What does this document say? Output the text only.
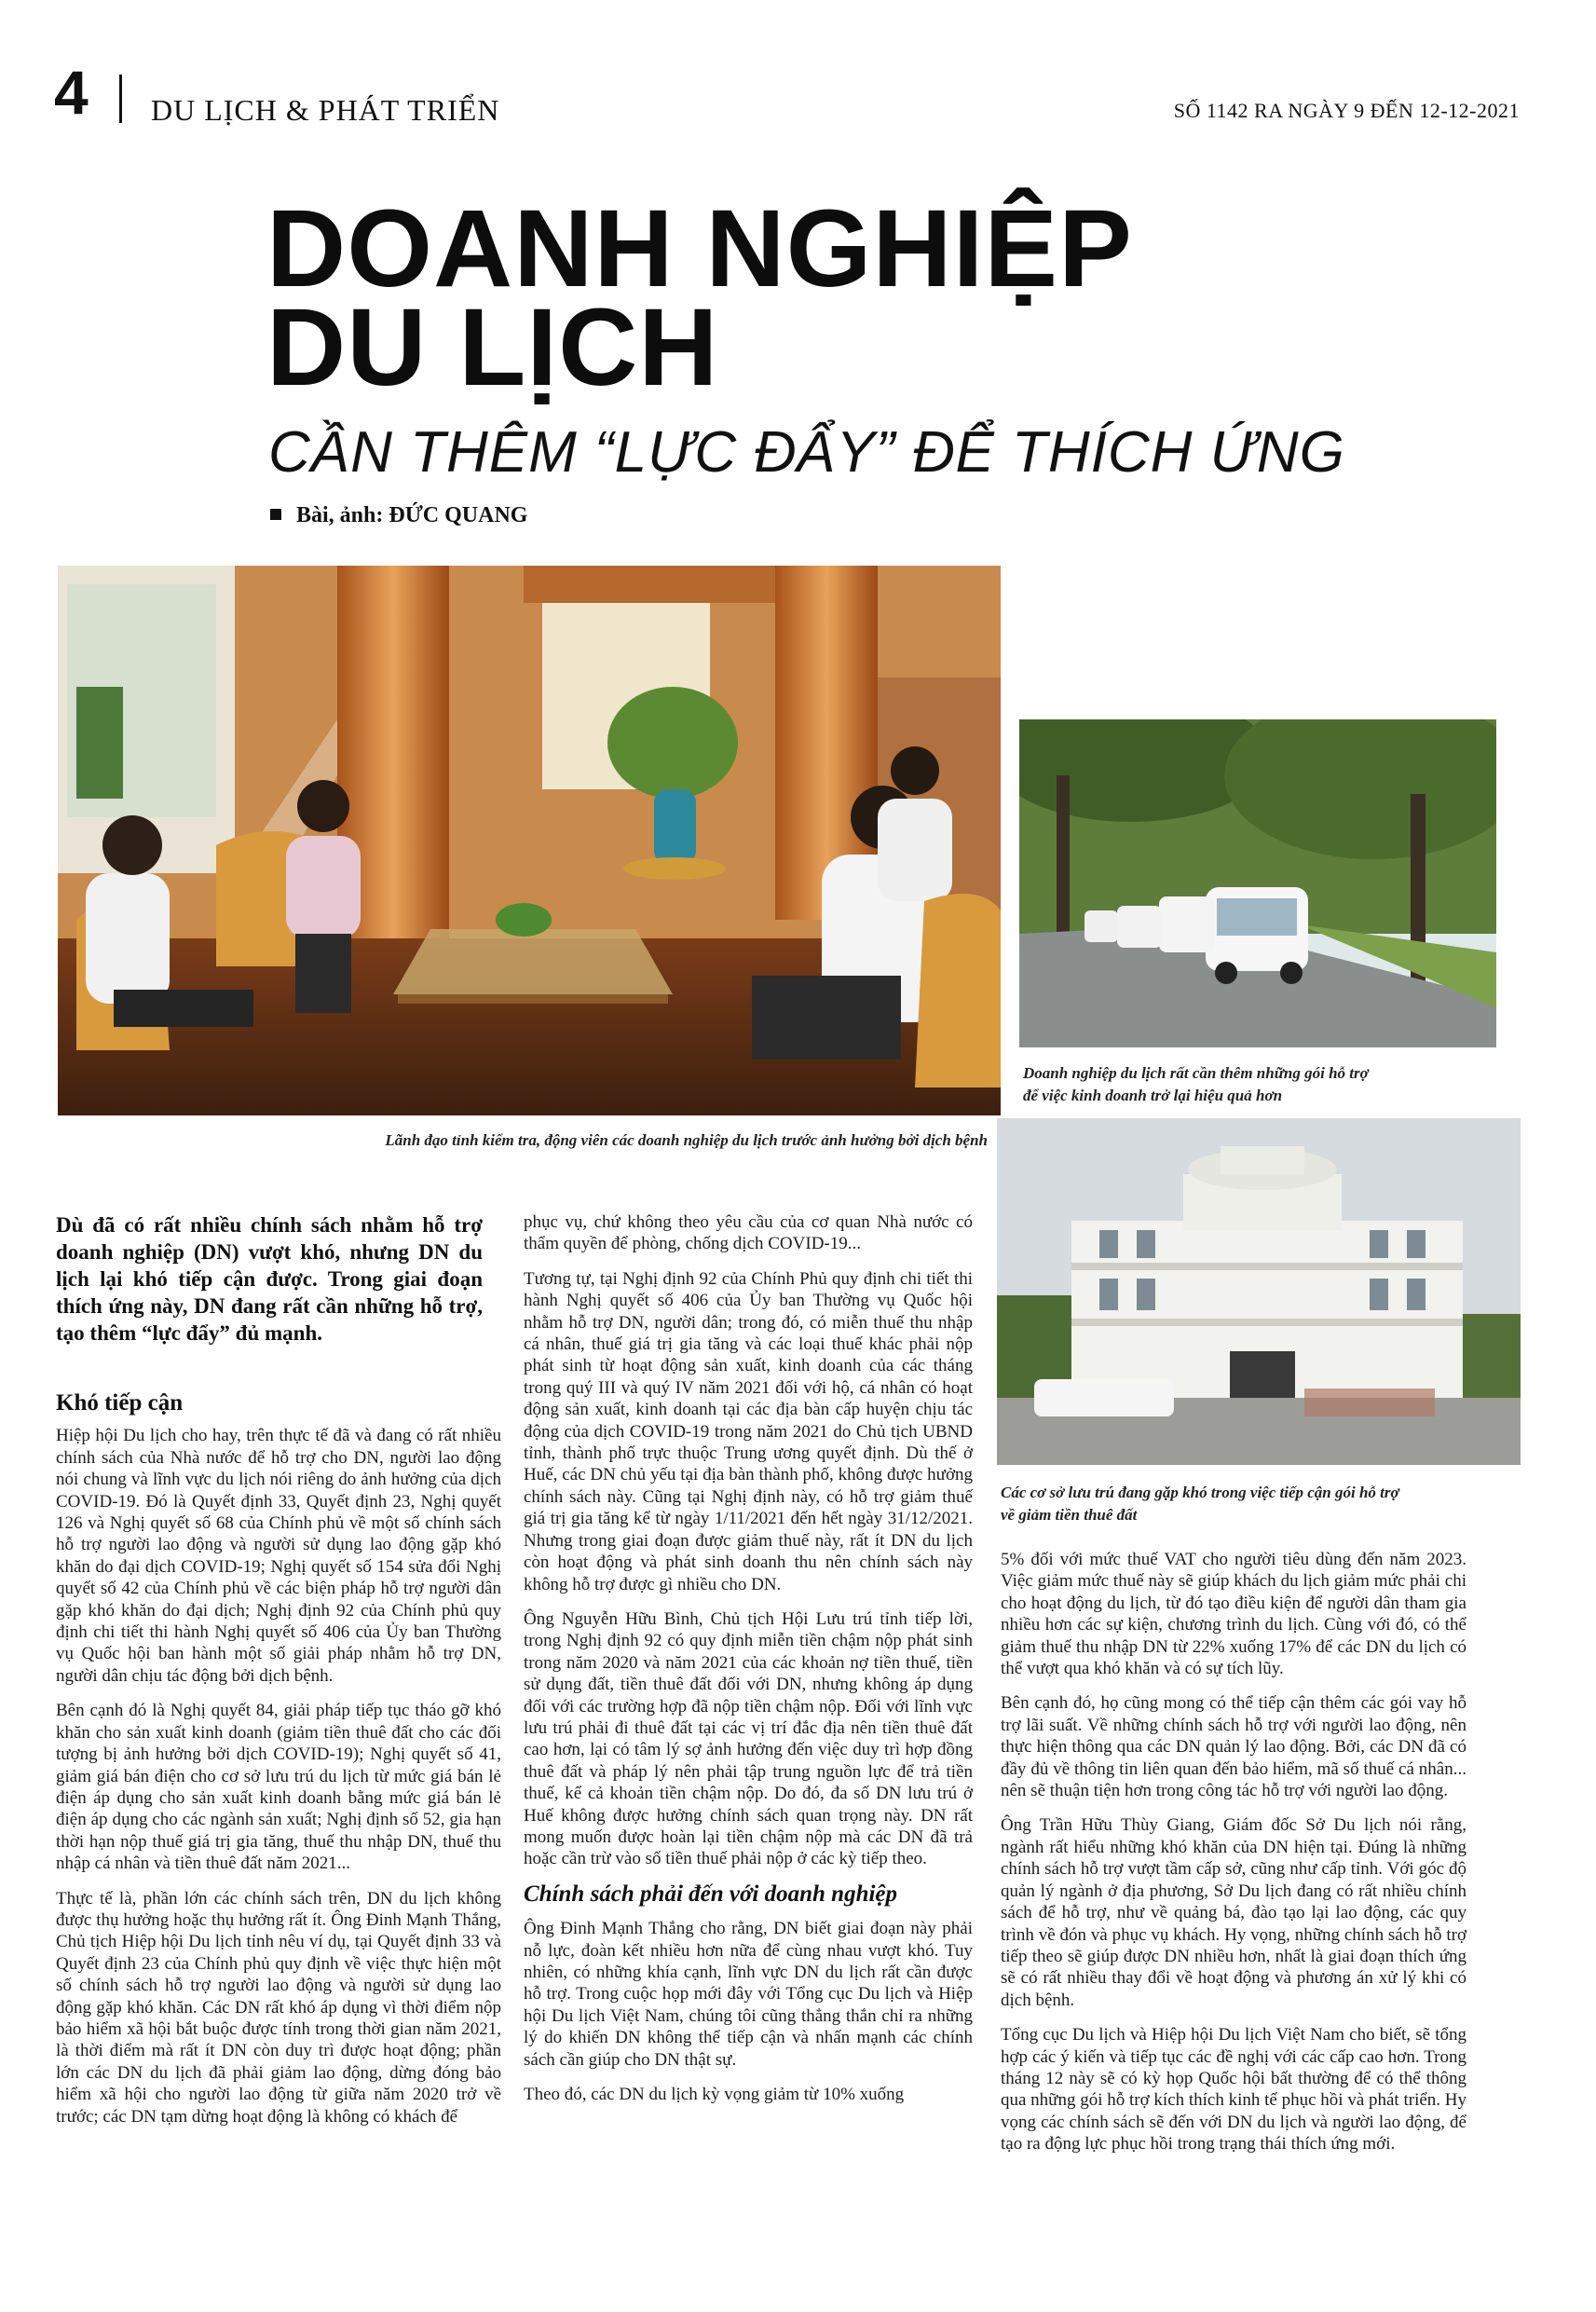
4 DU LỊCH & PHÁT TRIỂN	SỐ 1142 RA NGÀY 9 ĐẾN 12-12-2021
DOANH NGHIỆP
DU LỊCH
CẦN THÊM “LỰC ĐẨY” ĐỂ THÍCH ỨNG
Bài, ảnh: ĐỨC QUANG
Lãnh đạo tỉnh kiểm tra, động viên các doanh nghiệp du lịch trước ảnh hưởng bởi dịch bệnh
Doanh nghiệp du lịch rất cần thêm những gói hỗ trợ
để việc kinh doanh trở lại hiệu quả hơn
Các cơ sở lưu trú đang gặp khó trong việc tiếp cận gói hỗ trợ
về giảm tiền thuê đất
Dù đã có rất nhiều chính sách nhằm hỗ trợ doanh nghiệp (DN) vượt khó, nhưng DN du lịch lại khó tiếp cận được. Trong giai đoạn thích ứng này, DN đang rất cần những hỗ trợ, tạo thêm “lực đẩy” đủ mạnh.
Khó tiếp cận

Hiệp hội Du lịch cho hay, trên thực tế đã và đang có rất nhiều chính sách của Nhà nước để hỗ trợ cho DN, người lao động nói chung và lĩnh vực du lịch nói riêng do ảnh hưởng của dịch COVID-19. Đó là Quyết định 33, Quyết định 23, Nghị quyết 126 và Nghị quyết số 68 của Chính phủ về một số chính sách hỗ trợ người lao động và người sử dụng lao động gặp khó khăn do đại dịch COVID-19; Nghị quyết số 154 sửa đổi Nghị quyết số 42 của Chính phủ về các biện pháp hỗ trợ người dân gặp khó khăn do đại dịch; Nghị định 92 của Chính phủ quy định chi tiết thi hành Nghị quyết số 406 của Ủy ban Thường vụ Quốc hội ban hành một số giải pháp nhằm hỗ trợ DN, người dân chịu tác động bởi dịch bệnh.

Bên cạnh đó là Nghị quyết 84, giải pháp tiếp tục tháo gỡ khó khăn cho sản xuất kinh doanh (giảm tiền thuê đất cho các đối tượng bị ảnh hưởng bởi dịch COVID-19); Nghị quyết số 41, giảm giá bán điện cho cơ sở lưu trú du lịch từ mức giá bán lẻ điện áp dụng cho sản xuất kinh doanh bằng mức giá bán lẻ điện áp dụng cho các ngành sản xuất; Nghị định số 52, gia hạn thời hạn nộp thuế giá trị gia tăng, thuế thu nhập DN, thuế thu nhập cá nhân và tiền thuê đất năm 2021...

Thực tế là, phần lớn các chính sách trên, DN du lịch không được thụ hưởng hoặc thụ hưởng rất ít. Ông Đinh Mạnh Thắng, Chủ tịch Hiệp hội Du lịch tỉnh nêu ví dụ, tại Quyết định 33 và Quyết định 23 của Chính phủ quy định về việc thực hiện một số chính sách hỗ trợ người lao động và người sử dụng lao động gặp khó khăn. Các DN rất khó áp dụng vì thời điểm nộp bảo hiểm xã hội bắt buộc được tính trong thời gian năm 2021, là thời điểm mà rất ít DN còn duy trì được hoạt động; phần lớn các DN du lịch đã phải giảm lao động, dừng đóng bảo hiểm xã hội cho người lao động từ giữa năm 2020 trở về trước; các DN tạm dừng hoạt động là không có khách để

phục vụ, chứ không theo yêu cầu của cơ quan Nhà nước có thẩm quyền để phòng, chống dịch COVID-19...

Tương tự, tại Nghị định 92 của Chính Phủ quy định chi tiết thi hành Nghị quyết số 406 của Ủy ban Thường vụ Quốc hội nhằm hỗ trợ DN, người dân; trong đó, có miễn thuế thu nhập cá nhân, thuế giá trị gia tăng và các loại thuế khác phải nộp phát sinh từ hoạt động sản xuất, kinh doanh của các tháng trong quý III và quý IV năm 2021 đối với hộ, cá nhân có hoạt động sản xuất, kinh doanh tại các địa bàn cấp huyện chịu tác động của dịch COVID-19 trong năm 2021 do Chủ tịch UBND tỉnh, thành phố trực thuộc Trung ương quyết định. Dù thế ở Huế, các DN chủ yếu tại địa bàn thành phố, không được hưởng chính sách này. Cũng tại Nghị định này, có hỗ trợ giảm thuế giá trị gia tăng kể từ ngày 1/11/2021 đến hết ngày 31/12/2021. Nhưng trong giai đoạn được giảm thuế này, rất ít DN du lịch còn hoạt động và phát sinh doanh thu nên chính sách này không hỗ trợ được gì nhiều cho DN.

Ông Nguyễn Hữu Bình, Chủ tịch Hội Lưu trú tỉnh tiếp lời, trong Nghị định 92 có quy định miễn tiền chậm nộp phát sinh trong năm 2020 và năm 2021 của các khoản nợ tiền thuế, tiền sử dụng đất, tiền thuê đất đối với DN, nhưng không áp dụng đối với các trường hợp đã nộp tiền chậm nộp. Đối với lĩnh vực lưu trú phải đi thuê đất tại các vị trí đắc địa nên tiền thuê đất cao hơn, lại có tâm lý sợ ảnh hưởng đến việc duy trì hợp đồng thuê đất và pháp lý nên phải tập trung nguồn lực để trả tiền thuế, kể cả khoản tiền chậm nộp. Do đó, đa số DN lưu trú ở Huế không được hưởng chính sách quan trọng này. DN rất mong muốn được hoàn lại tiền chậm nộp mà các DN đã trả hoặc cần trừ vào số tiền thuế phải nộp ở các kỳ tiếp theo.

Chính sách phải đến với doanh nghiệp

Ông Đinh Mạnh Thắng cho rằng, DN biết giai đoạn này phải nỗ lực, đoàn kết nhiều hơn nữa để cùng nhau vượt khó. Tuy nhiên, có những khía cạnh, lĩnh vực DN du lịch rất cần được hỗ trợ. Trong cuộc họp mới đây với Tổng cục Du lịch và Hiệp hội Du lịch Việt Nam, chúng tôi cũng thẳng thắn chỉ ra những lý do khiến DN không thể tiếp cận và nhấn mạnh các chính sách cần giúp cho DN thật sự.

Theo đó, các DN du lịch kỳ vọng giảm từ 10% xuống

5% đối với mức thuế VAT cho người tiêu dùng đến năm 2023. Việc giảm mức thuế này sẽ giúp khách du lịch giảm mức phải chi cho hoạt động du lịch, từ đó tạo điều kiện để người dân tham gia nhiều hơn các sự kiện, chương trình du lịch. Cùng với đó, có thể giảm thuế thu nhập DN từ 22% xuống 17% để các DN du lịch có thể vượt qua khó khăn và có sự tích lũy.

Bên cạnh đó, họ cũng mong có thể tiếp cận thêm các gói vay hỗ trợ lãi suất. Về những chính sách hỗ trợ với người lao động, nên thực hiện thông qua các DN quản lý lao động. Bởi, các DN đã có đầy đủ về thông tin liên quan đến bảo hiểm, mã số thuế cá nhân... nên sẽ thuận tiện hơn trong công tác hỗ trợ với người lao động.

Ông Trần Hữu Thùy Giang, Giám đốc Sở Du lịch nói rằng, ngành rất hiểu những khó khăn của DN hiện tại. Đúng là những chính sách hỗ trợ vượt tầm cấp sở, cũng như cấp tỉnh. Với góc độ quản lý ngành ở địa phương, Sở Du lịch đang có rất nhiều chính sách để hỗ trợ, như về quảng bá, đào tạo lại lao động, các quy trình về đón và phục vụ khách. Hy vọng, những chính sách hỗ trợ tiếp theo sẽ giúp được DN nhiều hơn, nhất là giai đoạn thích ứng sẽ có rất nhiều thay đổi về hoạt động và phương án xử lý khi có dịch bệnh.

Tổng cục Du lịch và Hiệp hội Du lịch Việt Nam cho biết, sẽ tổng hợp các ý kiến và tiếp tục các đề nghị với các cấp cao hơn. Trong tháng 12 này sẽ có kỳ họp Quốc hội bất thường để có thể thông qua những gói hỗ trợ kích thích kinh tế phục hồi và phát triển. Hy vọng các chính sách sẽ đến với DN du lịch và người lao động, để tạo ra động lực phục hồi trong trạng thái thích ứng mới.
